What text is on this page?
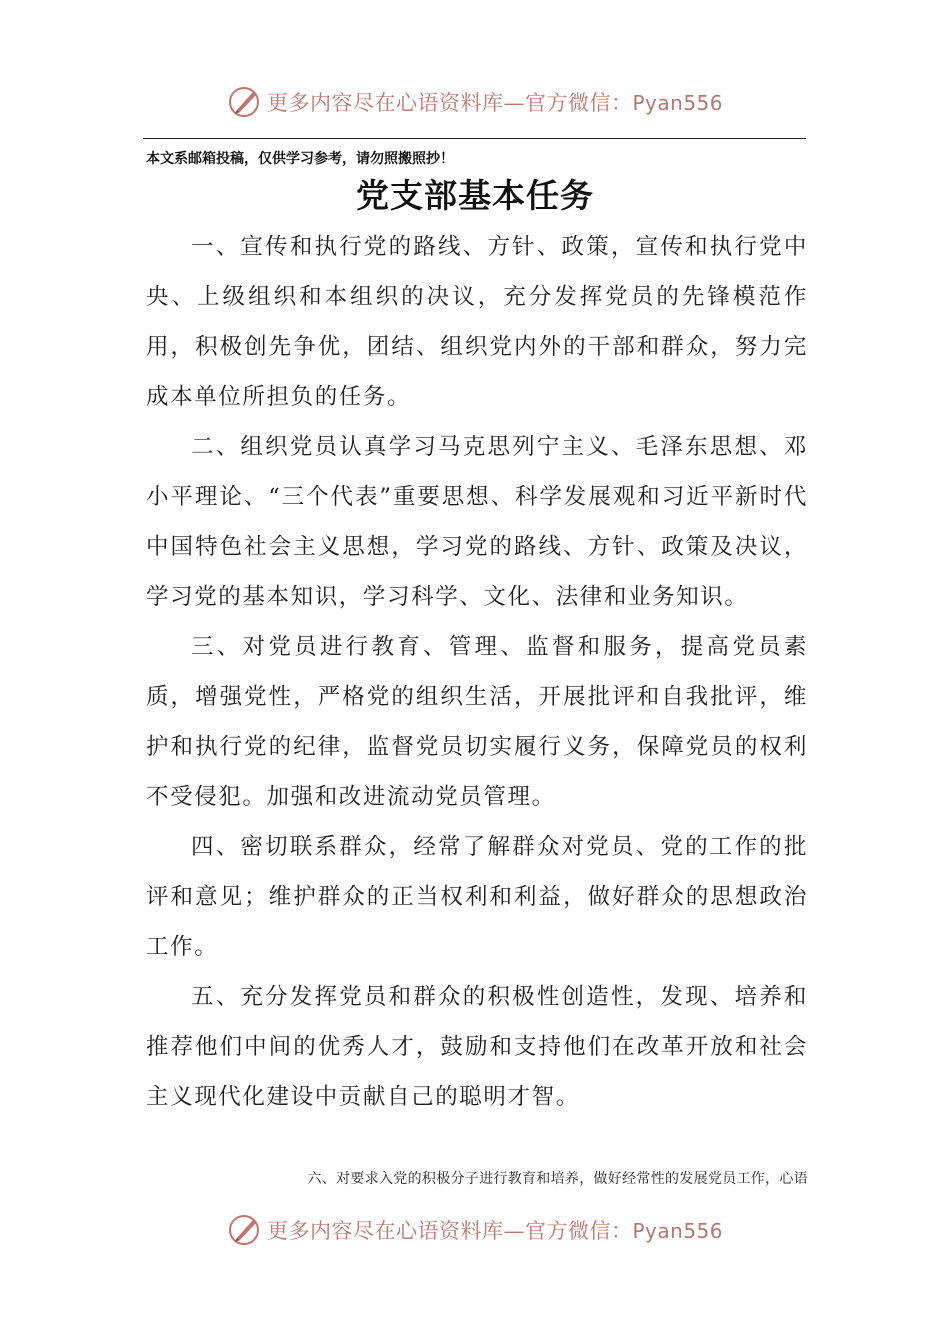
更多内容尽在心语资料库—官方微信：Pyan556
本文系邮箱投稿，仅供学习参考，请勿照搬照抄！
党支部基本任务

一、宣传和执行党的路线、方针、政策，宣传和执行党中央、上级组织和本组织的决议，充分发挥党员的先锋模范作用，积极创先争优，团结、组织党内外的干部和群众，努力完成本单位所担负的任务。

二、组织党员认真学习马克思列宁主义、毛泽东思想、邓小平理论、“三个代表”重要思想、科学发展观和习近平新时代中国特色社会主义思想，学习党的路线、方针、政策及决议，学习党的基本知识，学习科学、文化、法律和业务知识。

三、对党员进行教育、管理、监督和服务，提高党员素质，增强党性，严格党的组织生活，开展批评和自我批评，维护和执行党的纪律，监督党员切实履行义务，保障党员的权利不受侵犯。加强和改进流动党员管理。

四、密切联系群众，经常了解群众对党员、党的工作的批评和意见；维护群众的正当权利和利益，做好群众的思想政治工作。

五、充分发挥党员和群众的积极性创造性，发现、培养和推荐他们中间的优秀人才，鼓励和支持他们在改革开放和社会主义现代化建设中贡献自己的聪明才智。

六、对要求入党的积极分子进行教育和培养，做好经常性的发展党员工作，心语
更多内容尽在心语资料库—官方微信：Pyan556
